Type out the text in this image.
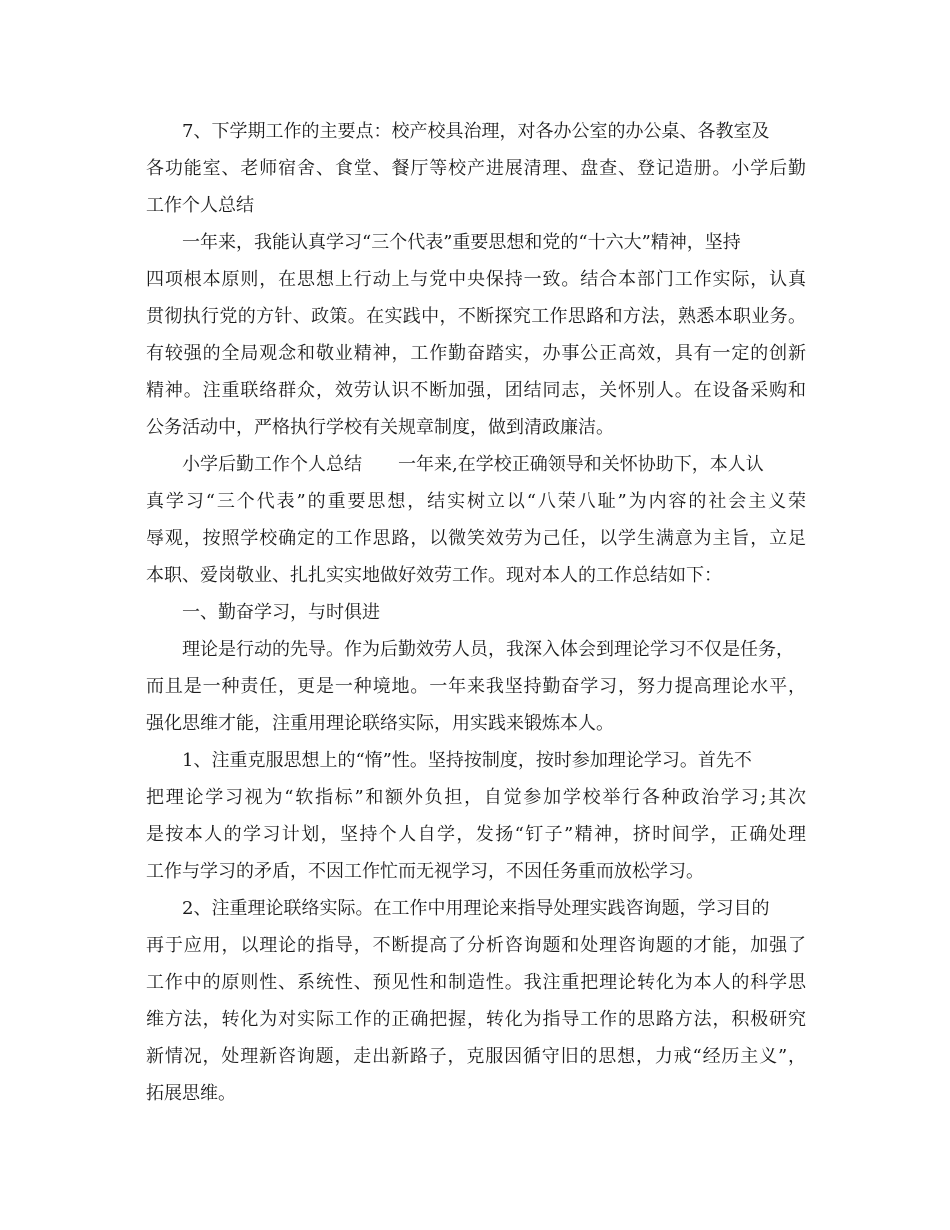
7、下学期工作的主要点：校产校具治理，对各办公室的办公桌、各教室及
各功能室、老师宿舍、食堂、餐厅等校产进展清理、盘查、登记造册。小学后勤
工作个人总结
一年来，我能认真学习“三个代表”重要思想和党的“十六大”精神，坚持
四项根本原则，在思想上行动上与党中央保持一致。结合本部门工作实际，认真
贯彻执行党的方针、政策。在实践中，不断探究工作思路和方法，熟悉本职业务。
有较强的全局观念和敬业精神，工作勤奋踏实，办事公正高效，具有一定的创新
精神。注重联络群众，效劳认识不断加强，团结同志，关怀别人。在设备采购和
公务活动中，严格执行学校有关规章制度，做到清政廉洁。
小学后勤工作个人总结　　一年来,在学校正确领导和关怀协助下，本人认
真学习“三个代表”的重要思想，结实树立以“八荣八耻”为内容的社会主义荣
辱观，按照学校确定的工作思路，以微笑效劳为己任，以学生满意为主旨，立足
本职、爱岗敬业、扎扎实实地做好效劳工作。现对本人的工作总结如下：
一、勤奋学习，与时俱进
理论是行动的先导。作为后勤效劳人员，我深入体会到理论学习不仅是任务，
而且是一种责任，更是一种境地。一年来我坚持勤奋学习，努力提高理论水平，
强化思维才能，注重用理论联络实际，用实践来锻炼本人。
1、注重克服思想上的“惰”性。坚持按制度，按时参加理论学习。首先不
把理论学习视为“软指标”和额外负担，自觉参加学校举行各种政治学习;其次
是按本人的学习计划，坚持个人自学，发扬“钉子”精神，挤时间学，正确处理
工作与学习的矛盾，不因工作忙而无视学习，不因任务重而放松学习。
2、注重理论联络实际。在工作中用理论来指导处理实践咨询题，学习目的
再于应用，以理论的指导，不断提高了分析咨询题和处理咨询题的才能，加强了
工作中的原则性、系统性、预见性和制造性。我注重把理论转化为本人的科学思
维方法，转化为对实际工作的正确把握，转化为指导工作的思路方法，积极研究
新情况，处理新咨询题，走出新路子，克服因循守旧的思想，力戒“经历主义”，
拓展思维。
